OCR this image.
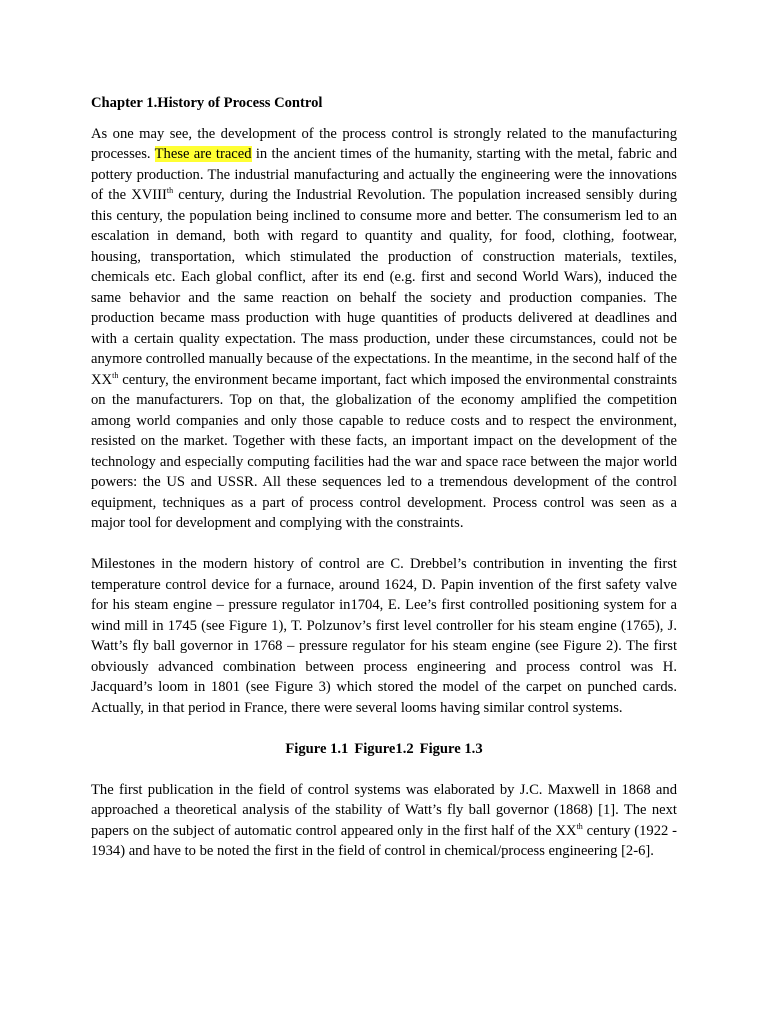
Chapter 1.History of Process Control

As one may see, the development of the process control is strongly related to the manufacturing processes. These are traced in the ancient times of the humanity, starting with the metal, fabric and pottery production. The industrial manufacturing and actually the engineering were the innovations of the XVIIIth century, during the Industrial Revolution. The population increased sensibly during this century, the population being inclined to consume more and better. The consumerism led to an escalation in demand, both with regard to quantity and quality, for food, clothing, footwear, housing, transportation, which stimulated the production of construction materials, textiles, chemicals etc. Each global conflict, after its end (e.g. first and second World Wars), induced the same behavior and the same reaction on behalf the society and production companies. The production became mass production with huge quantities of products delivered at deadlines and with a certain quality expectation. The mass production, under these circumstances, could not be anymore controlled manually because of the expectations. In the meantime, in the second half of the XXth century, the environment became important, fact which imposed the environmental constraints on the manufacturers. Top on that, the globalization of the economy amplified the competition among world companies and only those capable to reduce costs and to respect the environment, resisted on the market. Together with these facts, an important impact on the development of the technology and especially computing facilities had the war and space race between the major world powers: the US and USSR. All these sequences led to a tremendous development of the control equipment, techniques as a part of process control development. Process control was seen as a major tool for development and complying with the constraints.

Milestones in the modern history of control are C. Drebbel’s contribution in inventing the first temperature control device for a furnace, around 1624, D. Papin invention of the first safety valve for his steam engine – pressure regulator in1704, E. Lee’s first controlled positioning system for a wind mill in 1745 (see Figure 1), T. Polzunov’s first level controller for his steam engine (1765), J. Watt’s fly ball governor in 1768 – pressure regulator for his steam engine (see Figure 2). The first obviously advanced combination between process engineering and process control was H. Jacquard’s loom in 1801 (see Figure 3) which stored the model of the carpet on punched cards. Actually, in that period in France, there were several looms having similar control systems.

Figure 1.1 Figure1.2 Figure 1.3

The first publication in the field of control systems was elaborated by J.C. Maxwell in 1868 and approached a theoretical analysis of the stability of Watt’s fly ball governor (1868) [1]. The next papers on the subject of automatic control appeared only in the first half of the XXth century (1922 - 1934) and have to be noted the first in the field of control in chemical/process engineering [2-6].
